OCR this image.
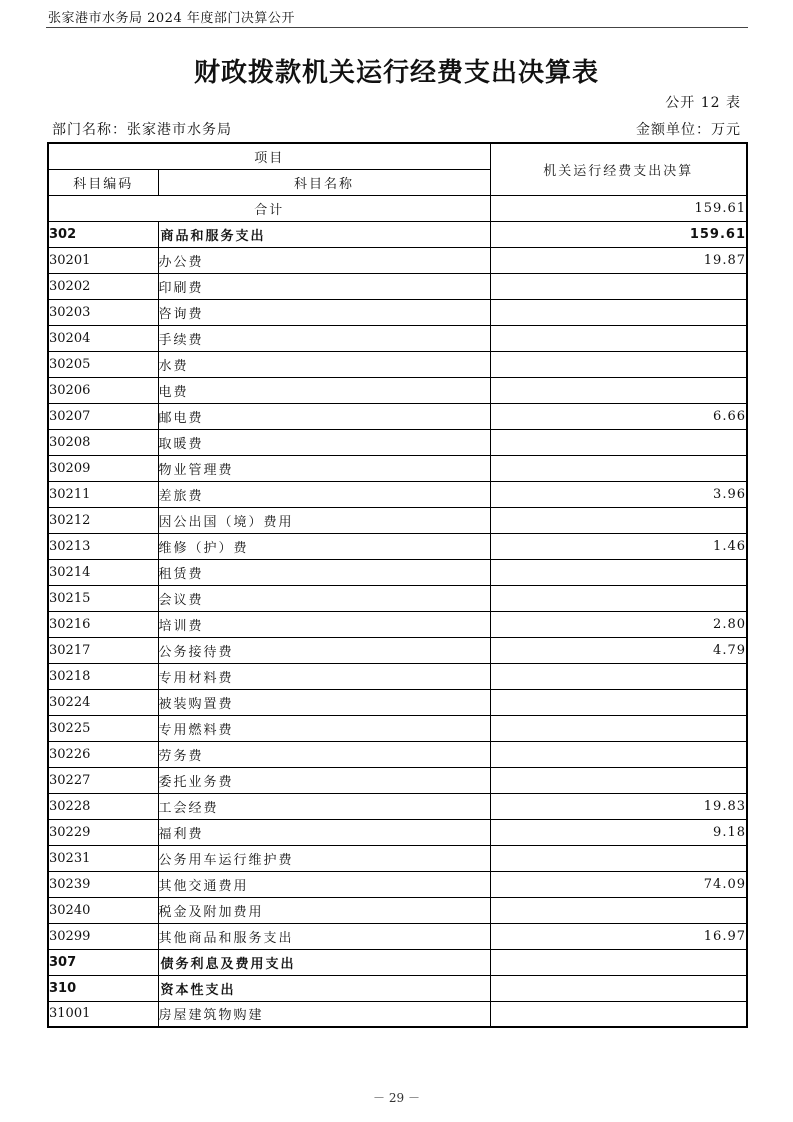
张家港市水务局 2024 年度部门决算公开
财政拨款机关运行经费支出决算表
公开 12 表
部门名称：张家港市水务局	金额单位：万元
项目		机关运行经费支出决算
科目编码	科目名称	
合计		159.61
302	商品和服务支出	159.61
30201	办公费	19.87
30202	印刷费	
30203	咨询费	
30204	手续费	
30205	水费	
30206	电费	
30207	邮电费	6.66
30208	取暖费	
30209	物业管理费	
30211	差旅费	3.96
30212	因公出国（境）费用	
30213	维修（护）费	1.46
30214	租赁费	
30215	会议费	
30216	培训费	2.80
30217	公务接待费	4.79
30218	专用材料费	
30224	被装购置费	
30225	专用燃料费	
30226	劳务费	
30227	委托业务费	
30228	工会经费	19.83
30229	福利费	9.18
30231	公务用车运行维护费	
30239	其他交通费用	74.09
30240	税金及附加费用	
30299	其他商品和服务支出	16.97
307	债务利息及费用支出	
310	资本性支出	
31001	房屋建筑物购建	
－ 29 －
